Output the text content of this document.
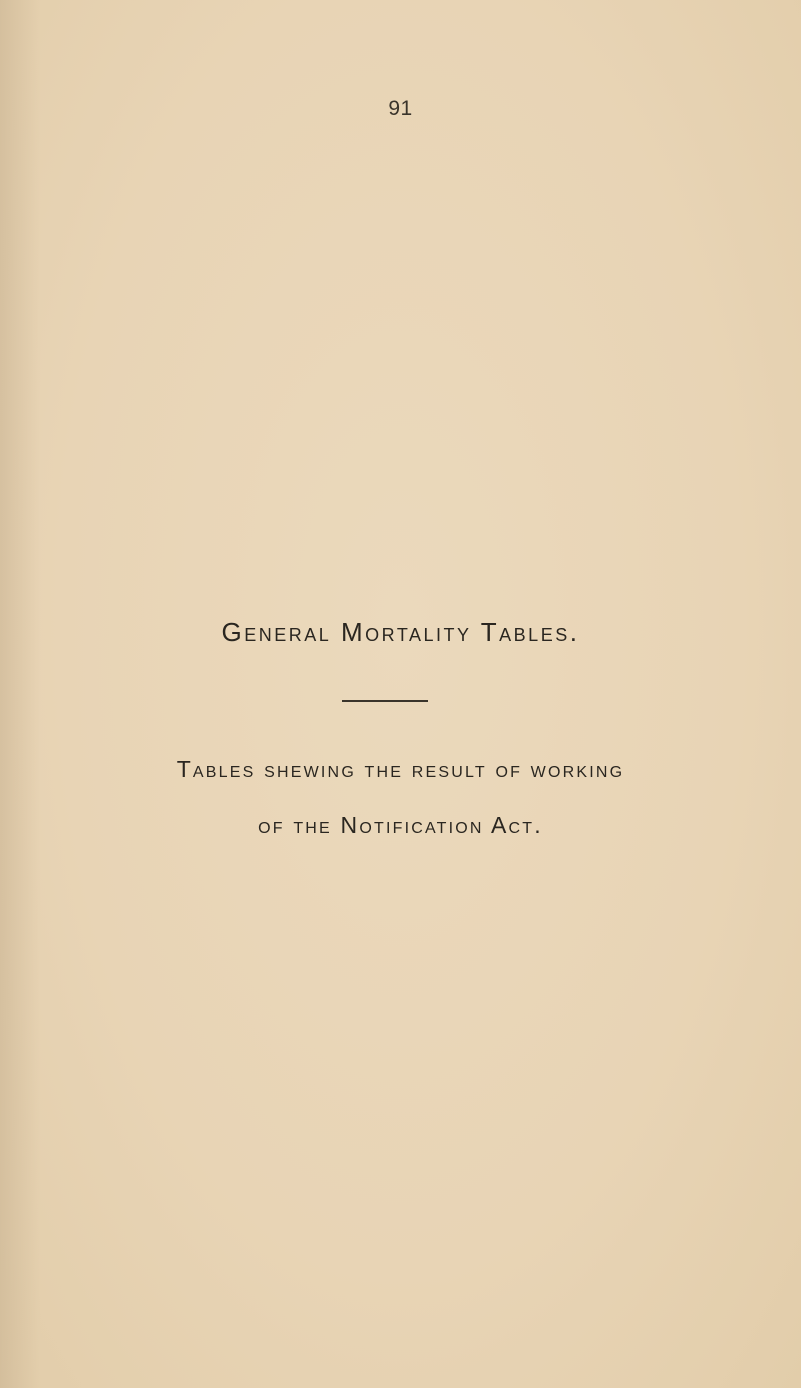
91
General Mortality Tables.
Tables shewing the result of working
of the Notification Act.
